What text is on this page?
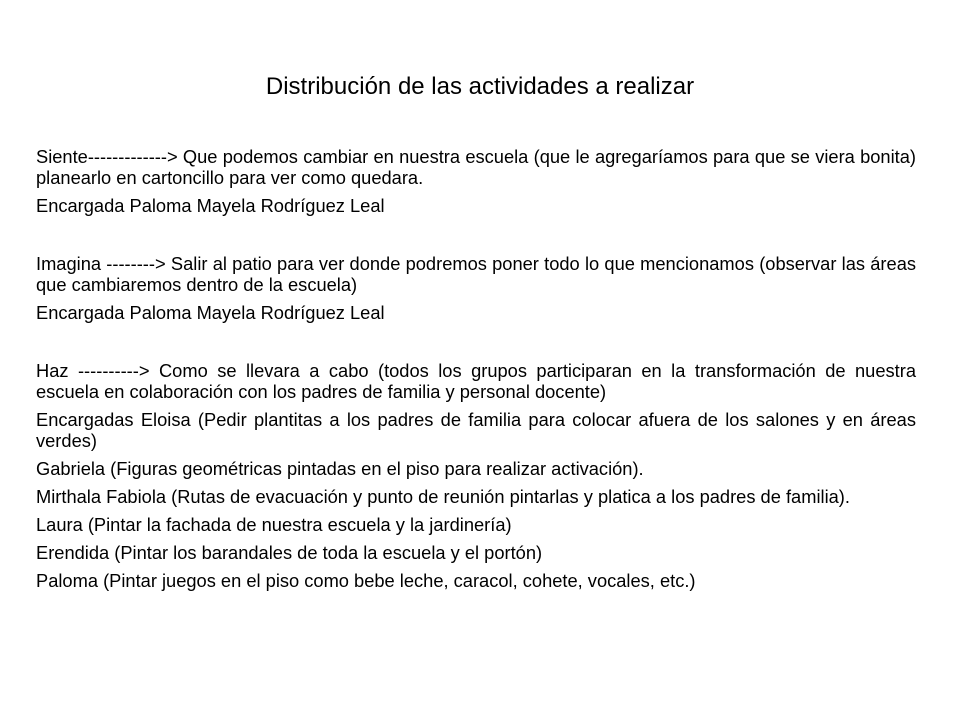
Distribución de las actividades a realizar

Siente-------------> Que podemos cambiar en nuestra escuela (que le agregaríamos para que se viera bonita) planearlo en cartoncillo para ver como quedara.

Encargada Paloma Mayela Rodríguez Leal

Imagina --------> Salir al patio para ver donde podremos poner todo lo que mencionamos (observar las áreas que cambiaremos dentro de la escuela)

Encargada Paloma Mayela Rodríguez Leal

Haz ----------> Como se llevara a cabo (todos los grupos participaran en la transformación de nuestra escuela en colaboración con los padres de familia y personal docente)

Encargadas Eloisa (Pedir plantitas a los padres de familia para colocar afuera de los salones y en áreas verdes)

Gabriela (Figuras geométricas pintadas en el piso para realizar activación).

Mirthala Fabiola (Rutas de evacuación y punto de reunión pintarlas y platica a los padres de familia).

Laura (Pintar la fachada de nuestra escuela y la jardinería)

Erendida (Pintar los barandales de toda la escuela y el portón)

Paloma (Pintar juegos en el piso como bebe leche, caracol, cohete, vocales, etc.)
